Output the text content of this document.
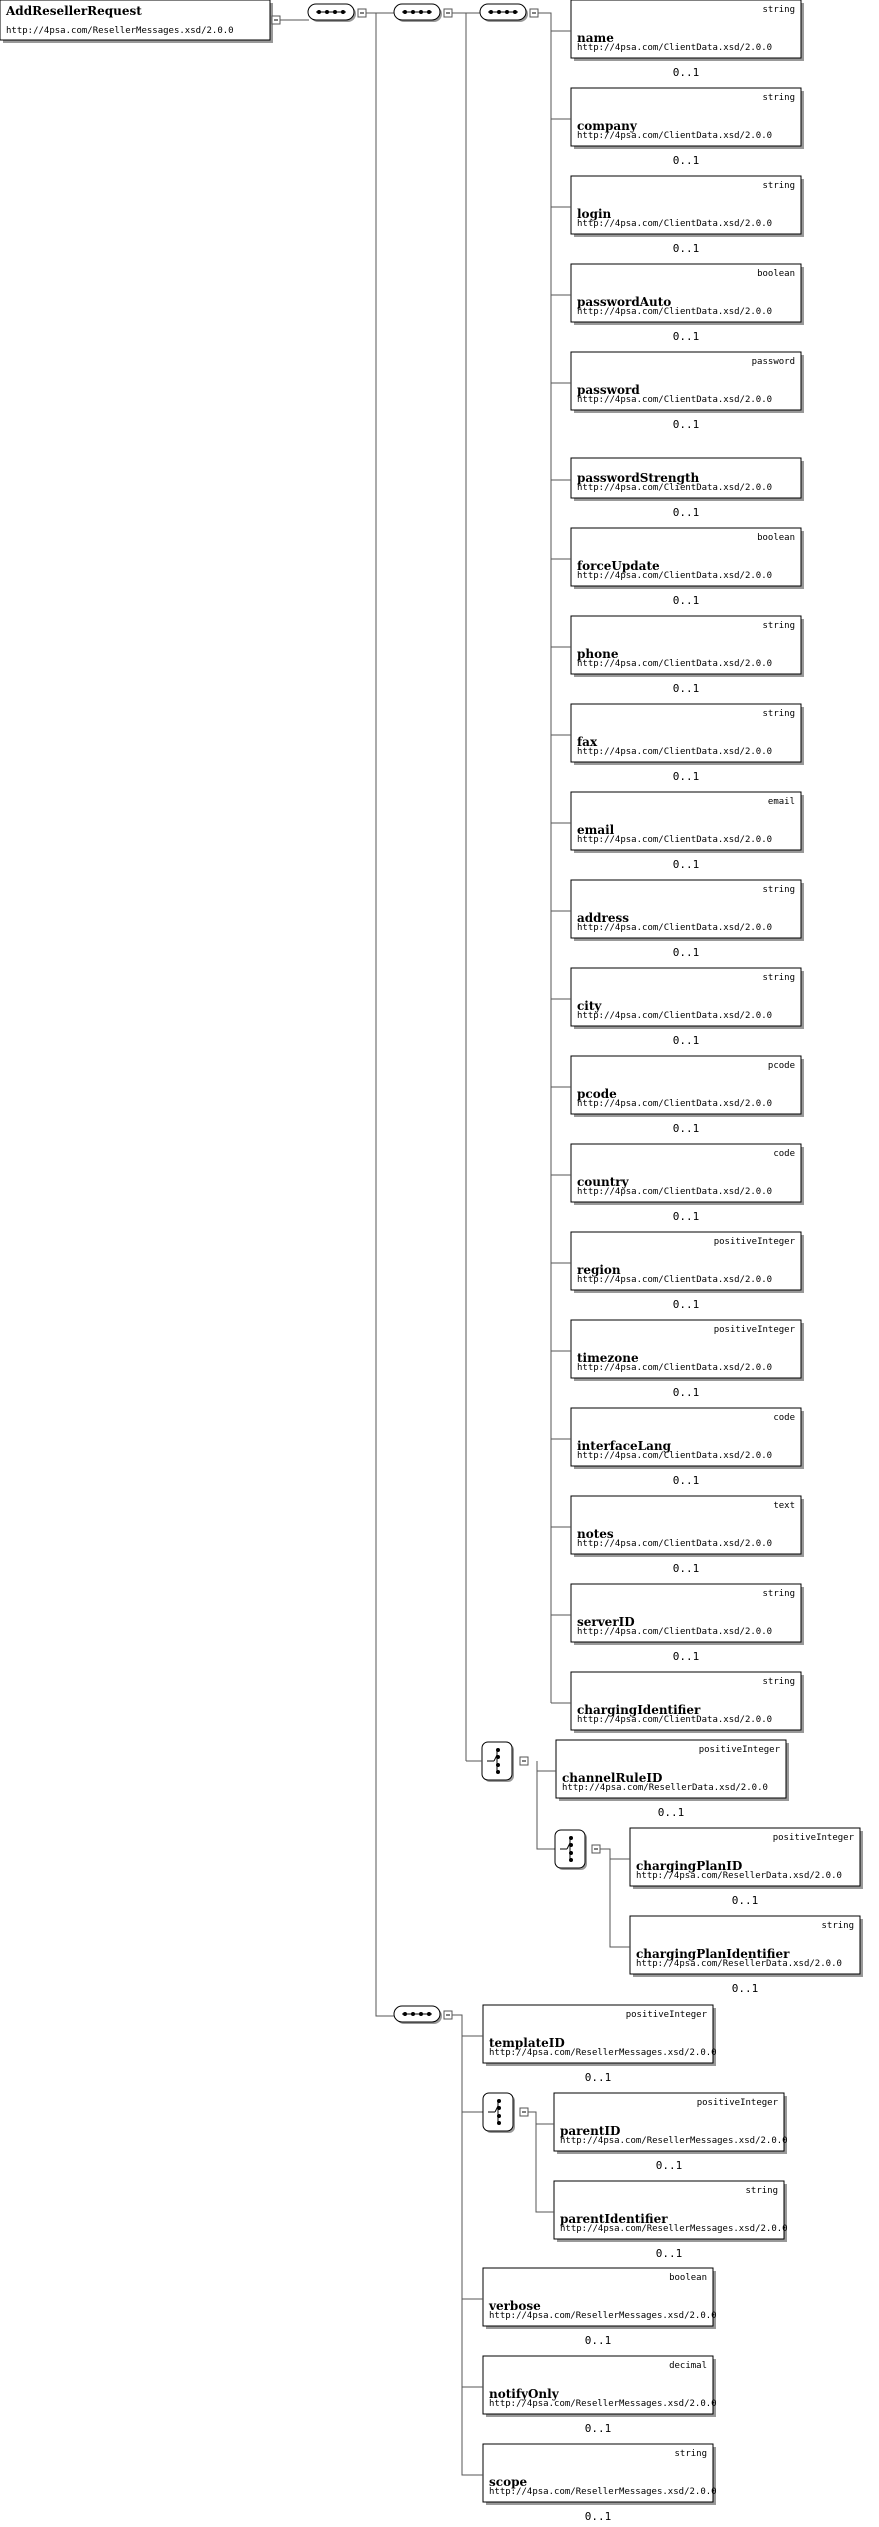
AddResellerRequest
http://4psa.com/ResellerMessages.xsd/2.0.0
string
name
http://4psa.com/ClientData.xsd/2.0.0
0..1
string
company
http://4psa.com/ClientData.xsd/2.0.0
0..1
string
login
http://4psa.com/ClientData.xsd/2.0.0
0..1
boolean
passwordAuto
http://4psa.com/ClientData.xsd/2.0.0
0..1
password
password
http://4psa.com/ClientData.xsd/2.0.0
0..1
passwordStrength
http://4psa.com/ClientData.xsd/2.0.0
0..1
boolean
forceUpdate
http://4psa.com/ClientData.xsd/2.0.0
0..1
string
phone
http://4psa.com/ClientData.xsd/2.0.0
0..1
string
fax
http://4psa.com/ClientData.xsd/2.0.0
0..1
email
email
http://4psa.com/ClientData.xsd/2.0.0
0..1
string
address
http://4psa.com/ClientData.xsd/2.0.0
0..1
string
city
http://4psa.com/ClientData.xsd/2.0.0
0..1
pcode
pcode
http://4psa.com/ClientData.xsd/2.0.0
0..1
code
country
http://4psa.com/ClientData.xsd/2.0.0
0..1
positiveInteger
region
http://4psa.com/ClientData.xsd/2.0.0
0..1
positiveInteger
timezone
http://4psa.com/ClientData.xsd/2.0.0
0..1
code
interfaceLang
http://4psa.com/ClientData.xsd/2.0.0
0..1
text
notes
http://4psa.com/ClientData.xsd/2.0.0
0..1
string
serverID
http://4psa.com/ClientData.xsd/2.0.0
0..1
string
chargingIdentifier
http://4psa.com/ClientData.xsd/2.0.0
positiveInteger
channelRuleID
http://4psa.com/ResellerData.xsd/2.0.0
0..1
positiveInteger
chargingPlanID
http://4psa.com/ResellerData.xsd/2.0.0
0..1
string
chargingPlanIdentifier
http://4psa.com/ResellerData.xsd/2.0.0
0..1
positiveInteger
templateID
http://4psa.com/ResellerMessages.xsd/2.0.0
0..1
positiveInteger
parentID
http://4psa.com/ResellerMessages.xsd/2.0.0
0..1
string
parentIdentifier
http://4psa.com/ResellerMessages.xsd/2.0.0
0..1
boolean
verbose
http://4psa.com/ResellerMessages.xsd/2.0.0
0..1
decimal
notifyOnly
http://4psa.com/ResellerMessages.xsd/2.0.0
0..1
string
scope
http://4psa.com/ResellerMessages.xsd/2.0.0
0..1
